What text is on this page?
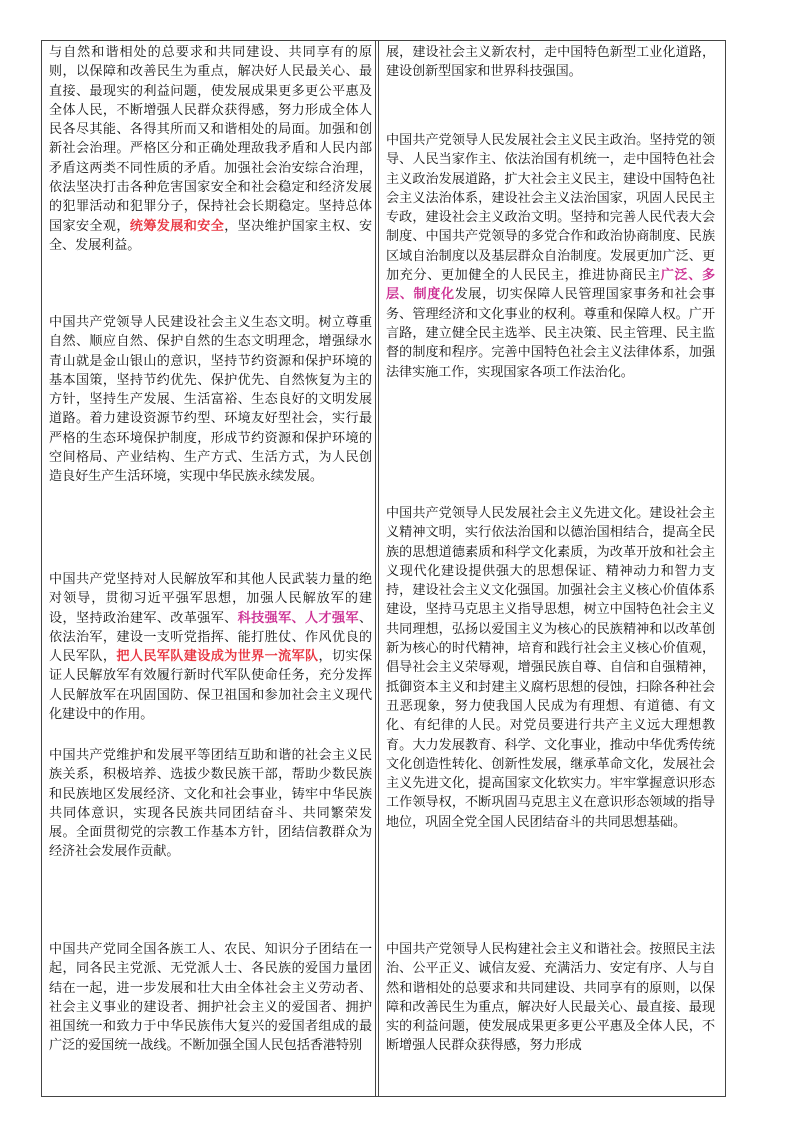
与自然和谐相处的总要求和共同建设、共同享有的原则，以保障和改善民生为重点，解决好人民最关心、最直接、最现实的利益问题，使发展成果更多更公平惠及全体人民，不断增强人民群众获得感，努力形成全体人民各尽其能、各得其所而又和谐相处的局面。加强和创新社会治理。严格区分和正确处理敌我矛盾和人民内部矛盾这两类不同性质的矛盾。加强社会治安综合治理，依法坚决打击各种危害国家安全和社会稳定和经济发展的犯罪活动和犯罪分子，保持社会长期稳定。坚持总体国家安全观，统筹发展和安全，坚决维护国家主权、安全、发展利益。

中国共产党领导人民建设社会主义生态文明。树立尊重自然、顺应自然、保护自然的生态文明理念，增强绿水青山就是金山银山的意识，坚持节约资源和保护环境的基本国策，坚持节约优先、保护优先、自然恢复为主的方针，坚持生产发展、生活富裕、生态良好的文明发展道路。着力建设资源节约型、环境友好型社会，实行最严格的生态环境保护制度，形成节约资源和保护环境的空间格局、产业结构、生产方式、生活方式，为人民创造良好生产生活环境，实现中华民族永续发展。

中国共产党坚持对人民解放军和其他人民武装力量的绝对领导，贯彻习近平强军思想，加强人民解放军的建设，坚持政治建军、改革强军、科技强军、人才强军、依法治军，建设一支听党指挥、能打胜仗、作风优良的人民军队，把人民军队建设成为世界一流军队，切实保证人民解放军有效履行新时代军队使命任务，充分发挥人民解放军在巩固国防、保卫祖国和参加社会主义现代化建设中的作用。

中国共产党维护和发展平等团结互助和谐的社会主义民族关系，积极培养、选拔少数民族干部，帮助少数民族和民族地区发展经济、文化和社会事业，铸牢中华民族共同体意识，实现各民族共同团结奋斗、共同繁荣发展。全面贯彻党的宗教工作基本方针，团结信教群众为经济社会发展作贡献。

中国共产党同全国各族工人、农民、知识分子团结在一起，同各民主党派、无党派人士、各民族的爱国力量团结在一起，进一步发展和壮大由全体社会主义劳动者、社会主义事业的建设者、拥护社会主义的爱国者、拥护祖国统一和致力于中华民族伟大复兴的爱国者组成的最广泛的爱国统一战线。不断加强全国人民包括香港特别

展，建设社会主义新农村，走中国特色新型工业化道路，建设创新型国家和世界科技强国。

中国共产党领导人民发展社会主义民主政治。坚持党的领导、人民当家作主、依法治国有机统一，走中国特色社会主义政治发展道路，扩大社会主义民主，建设中国特色社会主义法治体系，建设社会主义法治国家，巩固人民民主专政，建设社会主义政治文明。坚持和完善人民代表大会制度、中国共产党领导的多党合作和政治协商制度、民族区域自治制度以及基层群众自治制度。发展更加广泛、更加充分、更加健全的人民民主，推进协商民主广泛、多层、制度化发展，切实保障人民管理国家事务和社会事务、管理经济和文化事业的权利。尊重和保障人权。广开言路，建立健全民主选举、民主决策、民主管理、民主监督的制度和程序。完善中国特色社会主义法律体系，加强法律实施工作，实现国家各项工作法治化。

中国共产党领导人民发展社会主义先进文化。建设社会主义精神文明，实行依法治国和以德治国相结合，提高全民族的思想道德素质和科学文化素质，为改革开放和社会主义现代化建设提供强大的思想保证、精神动力和智力支持，建设社会主义文化强国。加强社会主义核心价值体系建设，坚持马克思主义指导思想，树立中国特色社会主义共同理想，弘扬以爱国主义为核心的民族精神和以改革创新为核心的时代精神，培育和践行社会主义核心价值观，倡导社会主义荣辱观，增强民族自尊、自信和自强精神，抵御资本主义和封建主义腐朽思想的侵蚀，扫除各种社会丑恶现象，努力使我国人民成为有理想、有道德、有文化、有纪律的人民。对党员要进行共产主义远大理想教育。大力发展教育、科学、文化事业，推动中华优秀传统文化创造性转化、创新性发展，继承革命文化，发展社会主义先进文化，提高国家文化软实力。牢牢掌握意识形态工作领导权，不断巩固马克思主义在意识形态领域的指导地位，巩固全党全国人民团结奋斗的共同思想基础。

中国共产党领导人民构建社会主义和谐社会。按照民主法治、公平正义、诚信友爱、充满活力、安定有序、人与自然和谐相处的总要求和共同建设、共同享有的原则，以保障和改善民生为重点，解决好人民最关心、最直接、最现实的利益问题，使发展成果更多更公平惠及全体人民，不断增强人民群众获得感，努力形成
